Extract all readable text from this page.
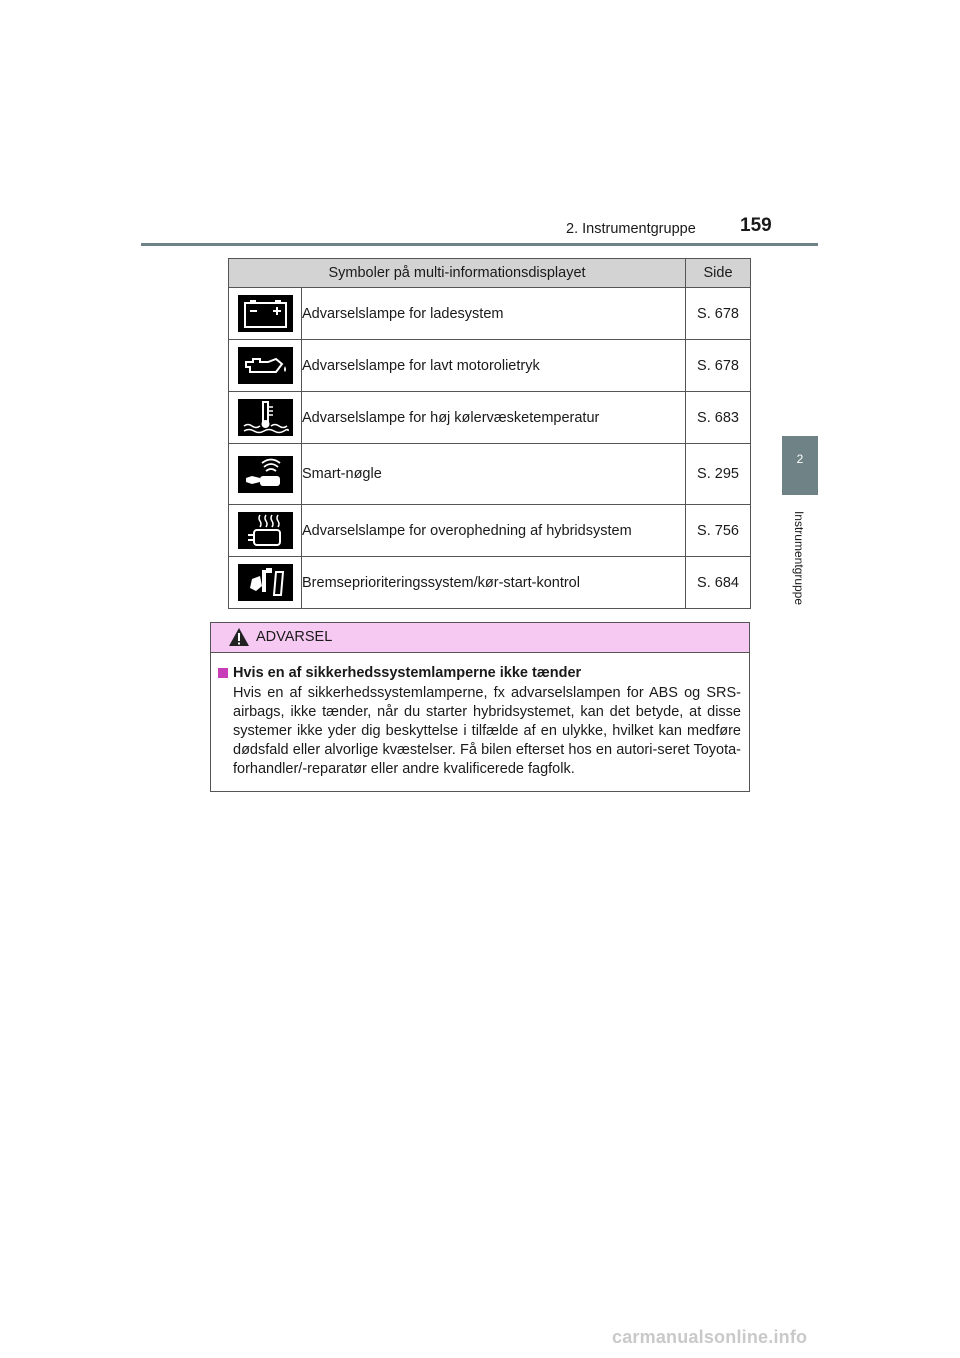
2. Instrumentgruppe 159
2
Instrumentgruppe
Symboler på multi-informationsdisplayet		Side

	Advarselslampe for ladesystem	S. 678

	Advarselslampe for lavt motorolietryk	S. 678

	Advarselslampe for høj kølervæsketemperatur	S. 683

	Smart-nøgle	S. 295

	Advarselslampe for overophedning af hybridsystem	S. 756

	Bremseprioriteringssystem/kør-start-kontrol	S. 684
ADVARSEL

Hvis en af sikkerhedssystemlamperne ikke tænder

Hvis en af sikkerhedssystemlamperne, fx advarselslampen for ABS og SRS-airbags, ikke tænder, når du starter hybridsystemet, kan det betyde, at disse systemer ikke yder dig beskyttelse i tilfælde af en ulykke, hvilket kan medføre dødsfald eller alvorlige kvæstelser. Få bilen efterset hos en autori-seret Toyota-forhandler/-reparatør eller andre kvalificerede fagfolk.

carmanualsonline.info
